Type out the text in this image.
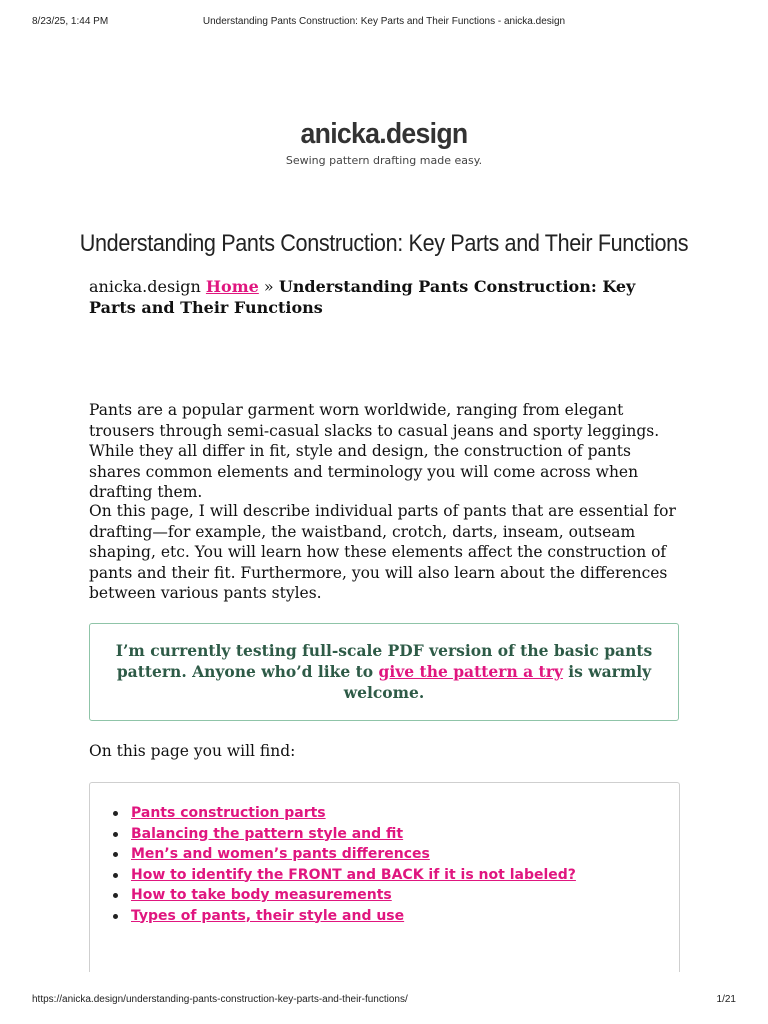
8/23/25, 1:44 PM	Understanding Pants Construction: Key Parts and Their Functions - anicka.design
anicka.design
Sewing pattern drafting made easy.
Understanding Pants Construction: Key Parts and Their Functions
anicka.design Home » Understanding Pants Construction: Key Parts and Their Functions

Pants are a popular garment worn worldwide, ranging from elegant trousers through semi-casual slacks to casual jeans and sporty leggings. While they all differ in fit, style and design, the construction of pants shares common elements and terminology you will come across when drafting them.

On this page, I will describe individual parts of pants that are essential for drafting—for example, the waistband, crotch, darts, inseam, outseam shaping, etc. You will learn how these elements affect the construction of pants and their fit. Furthermore, you will also learn about the differences between various pants styles.

I’m currently testing full-scale PDF version of the basic pants pattern. Anyone who’d like to give the pattern a try is warmly welcome.
On this page you will find:
Pants construction parts
Balancing the pattern style and fit
Men’s and women’s pants differences
How to identify the FRONT and BACK if it is not labeled?
How to take body measurements
Types of pants, their style and use
https://anicka.design/understanding-pants-construction-key-parts-and-their-functions/	1/21
